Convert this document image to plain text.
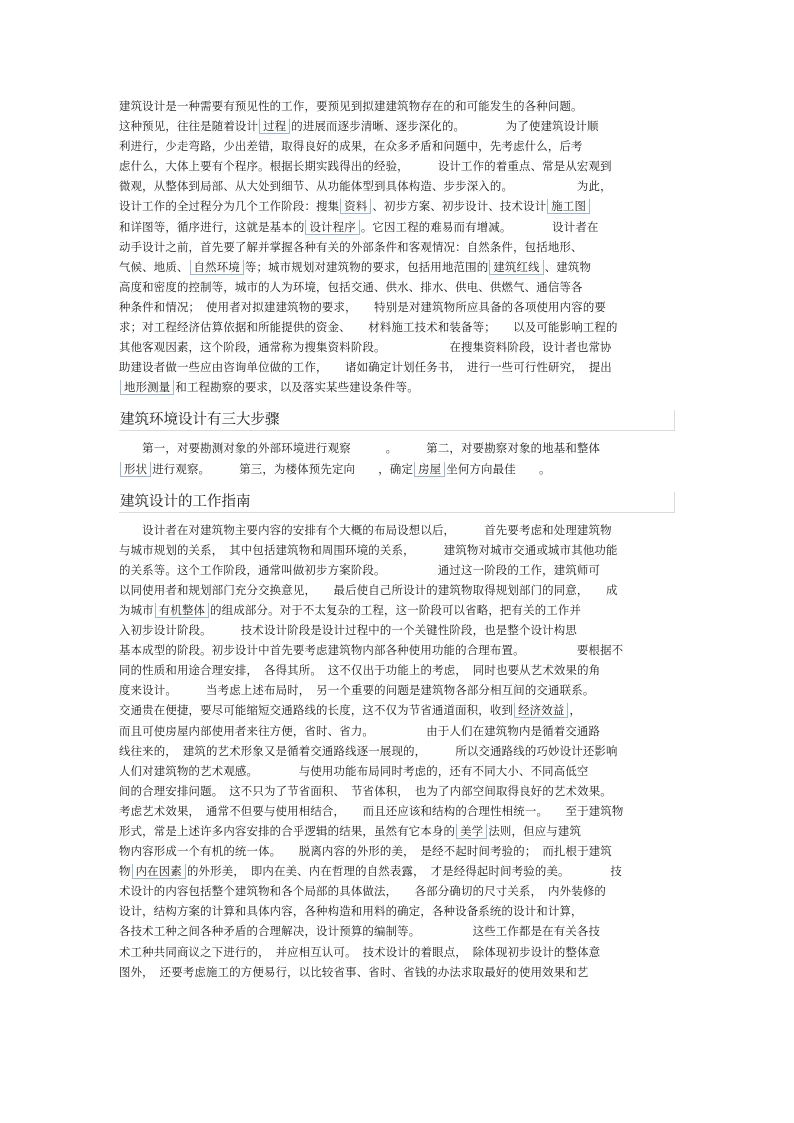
建筑设计是一种需要有预见性的工作，要预见到拟建建筑物存在的和可能发生的各种问题。
这种预见，往往是随着设计 过程 的进展而逐步清晰、逐步深化的。　　　　为了使建筑设计顺
利进行，少走弯路，少出差错，取得良好的成果，在众多矛盾和问题中，先考虑什么，后考
虑什么，大体上要有个程序。根据长期实践得出的经验，　　　设计工作的着重点、常是从宏观到
微观，从整体到局部、从大处到细节、从功能体型到具体构造、步步深入的。　　　　　　为此，
设计工作的全过程分为几个工作阶段：搜集 资料 、初步方案、初步设计、技术设计 施工图
和详图等，循序进行，这就是基本的 设计程序 。它因工程的难易而有增减。　　　　设计者在
动手设计之前，首先要了解并掌握各种有关的外部条件和客观情况：自然条件，包括地形、
气候、地质、 自然环境 等；城市规划对建筑物的要求，包括用地范围的 建筑红线 、建筑物
高度和密度的控制等，城市的人为环境，包括交通、供水、排水、供电、供燃气、通信等各
种条件和情况；　使用者对拟建建筑物的要求，　　特别是对建筑物所应具备的各项使用内容的要
求；对工程经济估算依据和所能提供的资金、　　材料施工技术和装备等；　　以及可能影响工程的
其他客观因素，这个阶段，通常称为搜集资料阶段。　　　　　　在搜集资料阶段，设计者也常协
助建设者做一些应由咨询单位做的工作，　　诸如确定计划任务书，　进行一些可行性研究，　提出
地形测量 和工程勘察的要求，以及落实某些建设条件等。
建筑环境设计有三大步骤
　　第一，对要勘测对象的外部环境进行观察　　　。　　　第二，对要勘察对象的地基和整体
形状 进行观察。　　　第三，为楼体预先定向　　，确定 房屋 坐何方向最佳　　。
建筑设计的工作指南
　　设计者在对建筑物主要内容的安排有个大概的布局设想以后，　　　首先要考虑和处理建筑物
与城市规划的关系，　其中包括建筑物和周围环境的关系，　　　建筑物对城市交通或城市其他功能
的关系等。这个工作阶段，通常叫做初步方案阶段。　　　　　通过这一阶段的工作，建筑师可
以同使用者和规划部门充分交换意见，　　最后使自己所设计的建筑物取得规划部门的同意，　　成
为城市 有机整体 的组成部分。对于不太复杂的工程，这一阶段可以省略，把有关的工作并
入初步设计阶段。　　　技术设计阶段是设计过程中的一个关键性阶段，也是整个设计构思
基本成型的阶段。初步设计中首先要考虑建筑物内部各种使用功能的合理布置。　　　　　要根据不
同的性质和用途合理安排，　各得其所。　这不仅出于功能上的考虑，　同时也要从艺术效果的角
度来设计。　　　当考虑上述布局时，　另一个重要的问题是建筑物各部分相互间的交通联系。
交通贵在便捷，要尽可能缩短交通路线的长度，这不仅为节省通道面积，收到 经济效益 ，
而且可使房屋内部使用者来往方便，省时、省力。　　　　　由于人们在建筑物内是循着交通路
线往来的，　建筑的艺术形象又是循着交通路线逐一展现的，　　　所以交通路线的巧妙设计还影响
人们对建筑物的艺术观感。　　　　与使用功能布局同时考虑的，还有不同大小、不同高低空
间的合理安排问题。　这不只为了节省面积、　节省体积，　也为了内部空间取得良好的艺术效果。
考虑艺术效果，　通常不但要与使用相结合，　　而且还应该和结构的合理性相统一。　　至于建筑物
形式，常是上述许多内容安排的合乎逻辑的结果，虽然有它本身的 美学 法则，但应与建筑
物内容形成一个有机的统一体。　　脱离内容的外形的美，　是经不起时间考验的；　而扎根于建筑
物 内在因素 的外形美，　即内在美、内在哲理的自然表露，　才是经得起时间考验的美。　　　　技
术设计的内容包括整个建筑物和各个局部的具体做法，　　各部分确切的尺寸关系，　内外装修的
设计，结构方案的计算和具体内容，各种构造和用料的确定，各种设备系统的设计和计算，
各技术工种之间各种矛盾的合理解决，设计预算的编制等。　　　　　这些工作都是在有关各技
术工种共同商议之下进行的，　并应相互认可。　技术设计的着眼点，　除体现初步设计的整体意
图外，　还要考虑施工的方便易行，以比较省事、省时、省钱的办法求取最好的使用效果和艺
